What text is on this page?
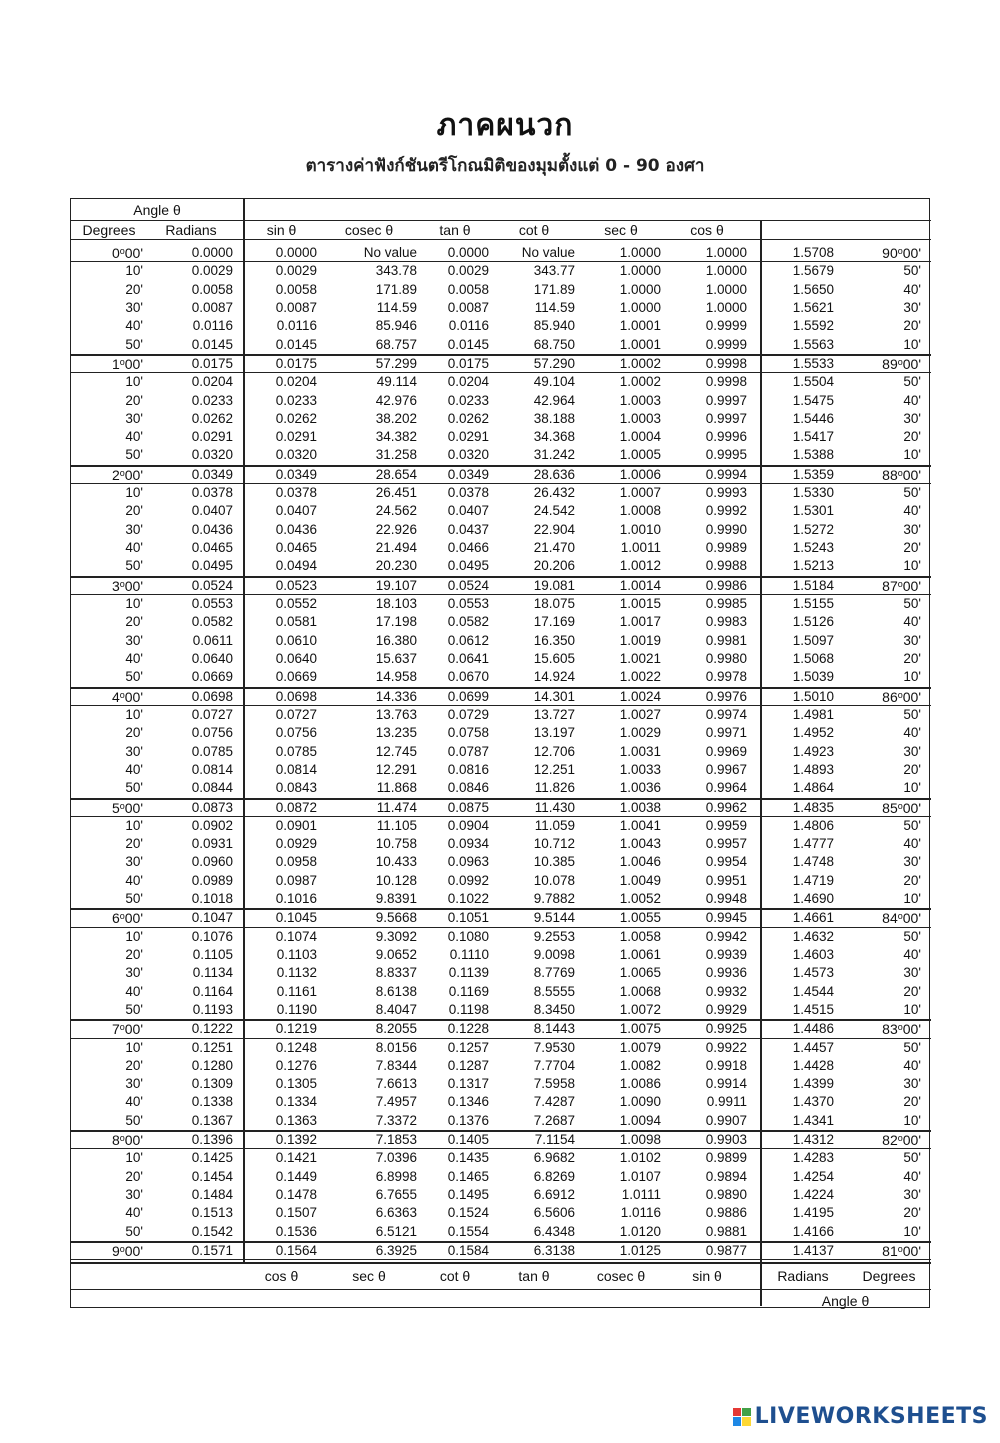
ภาคผนวก
ตารางค่าฟังก์ชันตรีโกณมิติของมุมตั้งแต่ 0 - 90 องศา
Angle θ
Degrees	Radians	sin θ	cosec θ	tan θ	cot θ	sec θ	cos θ
0$^o$00'	0.0000	0.0000	No value	0.0000	No value	1.0000	1.0000	1.5708	90$^o$00'
10'	0.0029	0.0029	343.78	0.0029	343.77	1.0000	1.0000	1.5679	50'
20'	0.0058	0.0058	171.89	0.0058	171.89	1.0000	1.0000	1.5650	40'
30'	0.0087	0.0087	114.59	0.0087	114.59	1.0000	1.0000	1.5621	30'
40'	0.0116	0.0116	85.946	0.0116	85.940	1.0001	0.9999	1.5592	20'
50'	0.0145	0.0145	68.757	0.0145	68.750	1.0001	0.9999	1.5563	10'
1$^o$00'	0.0175	0.0175	57.299	0.0175	57.290	1.0002	0.9998	1.5533	89$^o$00'
10'	0.0204	0.0204	49.114	0.0204	49.104	1.0002	0.9998	1.5504	50'
20'	0.0233	0.0233	42.976	0.0233	42.964	1.0003	0.9997	1.5475	40'
30'	0.0262	0.0262	38.202	0.0262	38.188	1.0003	0.9997	1.5446	30'
40'	0.0291	0.0291	34.382	0.0291	34.368	1.0004	0.9996	1.5417	20'
50'	0.0320	0.0320	31.258	0.0320	31.242	1.0005	0.9995	1.5388	10'
2$^o$00'	0.0349	0.0349	28.654	0.0349	28.636	1.0006	0.9994	1.5359	88$^o$00'
10'	0.0378	0.0378	26.451	0.0378	26.432	1.0007	0.9993	1.5330	50'
20'	0.0407	0.0407	24.562	0.0407	24.542	1.0008	0.9992	1.5301	40'
30'	0.0436	0.0436	22.926	0.0437	22.904	1.0010	0.9990	1.5272	30'
40'	0.0465	0.0465	21.494	0.0466	21.470	1.0011	0.9989	1.5243	20'
50'	0.0495	0.0494	20.230	0.0495	20.206	1.0012	0.9988	1.5213	10'
3$^o$00'	0.0524	0.0523	19.107	0.0524	19.081	1.0014	0.9986	1.5184	87$^o$00'
10'	0.0553	0.0552	18.103	0.0553	18.075	1.0015	0.9985	1.5155	50'
20'	0.0582	0.0581	17.198	0.0582	17.169	1.0017	0.9983	1.5126	40'
30'	0.0611	0.0610	16.380	0.0612	16.350	1.0019	0.9981	1.5097	30'
40'	0.0640	0.0640	15.637	0.0641	15.605	1.0021	0.9980	1.5068	20'
50'	0.0669	0.0669	14.958	0.0670	14.924	1.0022	0.9978	1.5039	10'
4$^o$00'	0.0698	0.0698	14.336	0.0699	14.301	1.0024	0.9976	1.5010	86$^o$00'
10'	0.0727	0.0727	13.763	0.0729	13.727	1.0027	0.9974	1.4981	50'
20'	0.0756	0.0756	13.235	0.0758	13.197	1.0029	0.9971	1.4952	40'
30'	0.0785	0.0785	12.745	0.0787	12.706	1.0031	0.9969	1.4923	30'
40'	0.0814	0.0814	12.291	0.0816	12.251	1.0033	0.9967	1.4893	20'
50'	0.0844	0.0843	11.868	0.0846	11.826	1.0036	0.9964	1.4864	10'
5$^o$00'	0.0873	0.0872	11.474	0.0875	11.430	1.0038	0.9962	1.4835	85$^o$00'
10'	0.0902	0.0901	11.105	0.0904	11.059	1.0041	0.9959	1.4806	50'
20'	0.0931	0.0929	10.758	0.0934	10.712	1.0043	0.9957	1.4777	40'
30'	0.0960	0.0958	10.433	0.0963	10.385	1.0046	0.9954	1.4748	30'
40'	0.0989	0.0987	10.128	0.0992	10.078	1.0049	0.9951	1.4719	20'
50'	0.1018	0.1016	9.8391	0.1022	9.7882	1.0052	0.9948	1.4690	10'
6$^o$00'	0.1047	0.1045	9.5668	0.1051	9.5144	1.0055	0.9945	1.4661	84$^o$00'
10'	0.1076	0.1074	9.3092	0.1080	9.2553	1.0058	0.9942	1.4632	50'
20'	0.1105	0.1103	9.0652	0.1110	9.0098	1.0061	0.9939	1.4603	40'
30'	0.1134	0.1132	8.8337	0.1139	8.7769	1.0065	0.9936	1.4573	30'
40'	0.1164	0.1161	8.6138	0.1169	8.5555	1.0068	0.9932	1.4544	20'
50'	0.1193	0.1190	8.4047	0.1198	8.3450	1.0072	0.9929	1.4515	10'
7$^o$00'	0.1222	0.1219	8.2055	0.1228	8.1443	1.0075	0.9925	1.4486	83$^o$00'
10'	0.1251	0.1248	8.0156	0.1257	7.9530	1.0079	0.9922	1.4457	50'
20'	0.1280	0.1276	7.8344	0.1287	7.7704	1.0082	0.9918	1.4428	40'
30'	0.1309	0.1305	7.6613	0.1317	7.5958	1.0086	0.9914	1.4399	30'
40'	0.1338	0.1334	7.4957	0.1346	7.4287	1.0090	0.9911	1.4370	20'
50'	0.1367	0.1363	7.3372	0.1376	7.2687	1.0094	0.9907	1.4341	10'
8$^o$00'	0.1396	0.1392	7.1853	0.1405	7.1154	1.0098	0.9903	1.4312	82$^o$00'
10'	0.1425	0.1421	7.0396	0.1435	6.9682	1.0102	0.9899	1.4283	50'
20'	0.1454	0.1449	6.8998	0.1465	6.8269	1.0107	0.9894	1.4254	40'
30'	0.1484	0.1478	6.7655	0.1495	6.6912	1.0111	0.9890	1.4224	30'
40'	0.1513	0.1507	6.6363	0.1524	6.5606	1.0116	0.9886	1.4195	20'
50'	0.1542	0.1536	6.5121	0.1554	6.4348	1.0120	0.9881	1.4166	10'
9$^o$00'	0.1571	0.1564	6.3925	0.1584	6.3138	1.0125	0.9877	1.4137	81$^o$00'
cos θ	sec θ	cot θ	tan θ	cosec θ	sin θ	Radians	Degrees
Angle θ
LIVEWORKSHEETS
